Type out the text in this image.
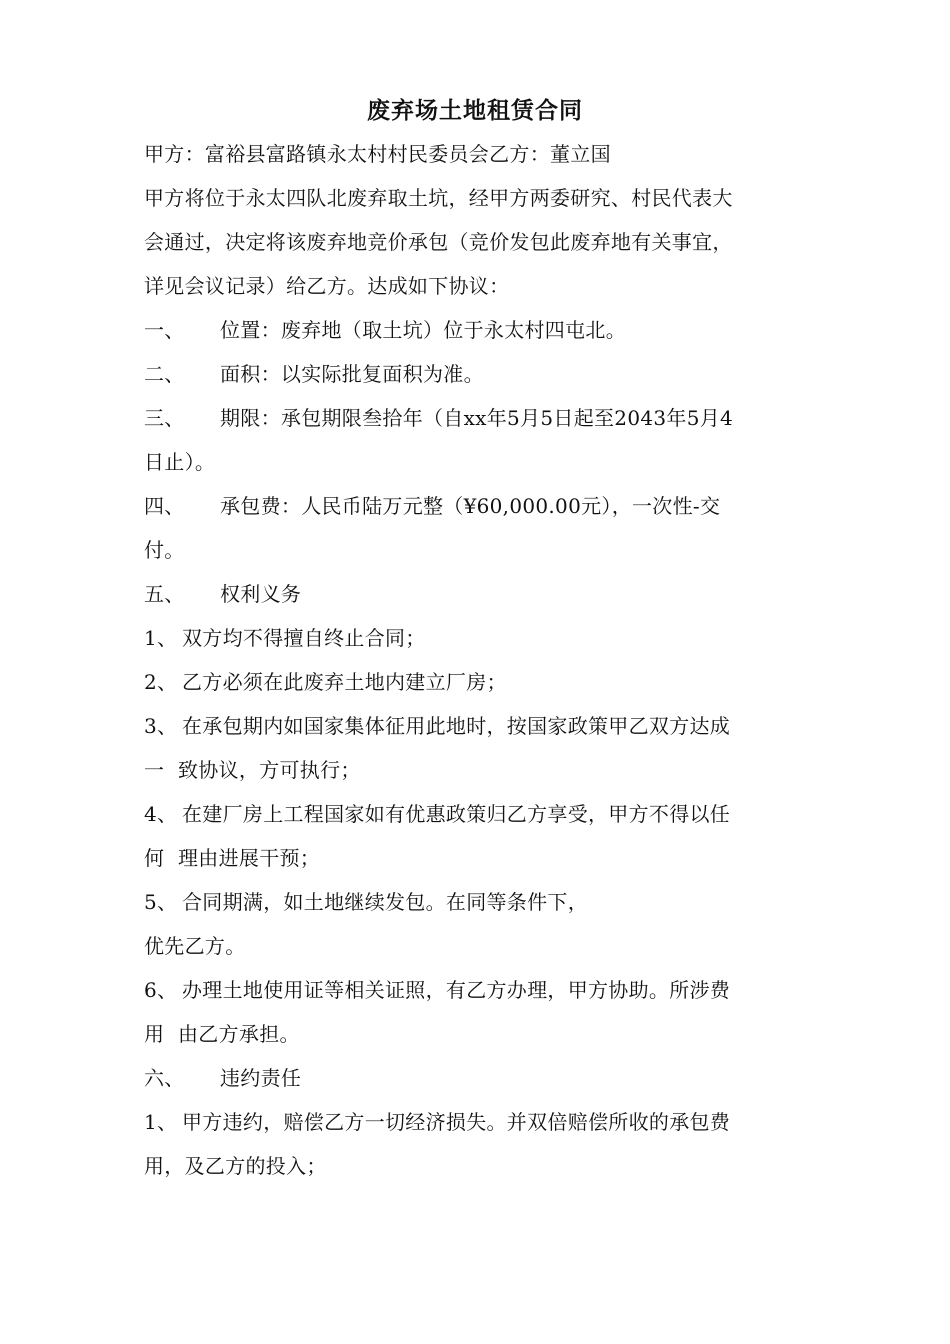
废弃场土地租赁合同
甲方：富裕县富路镇永太村村民委员会乙方：董立国
甲方将位于永太四队北废弃取土坑，经甲方两委研究、村民代表大
会通过，决定将该废弃地竞价承包（竞价发包此废弃地有关事宜，
详见会议记录）给乙方。达成如下协议：
一、 位置：废弃地（取土坑）位于永太村四屯北。
二、 面积：以实际批复面积为准。
三、 期限：承包期限叁拾年（自xx年5月5日起至2043年5月4
日止）。
四、 承包费：人民币陆万元整（¥60,000.00元），一次性-交
付。
五、 权利义务
1、 双方均不得擅自终止合同；
2、 乙方必须在此废弃土地内建立厂房；
3、 在承包期内如国家集体征用此地时，按国家政策甲乙双方达成
一 致协议，方可执行；
4、 在建厂房上工程国家如有优惠政策归乙方享受，甲方不得以任
何 理由进展干预；
5、 合同期满，如土地继续发包。在同等条件下，
优先乙方。
6、 办理土地使用证等相关证照，有乙方办理，甲方协助。所涉费
用 由乙方承担。
六、 违约责任
1、 甲方违约，赔偿乙方一切经济损失。并双倍赔偿所收的承包费
用，及乙方的投入；
